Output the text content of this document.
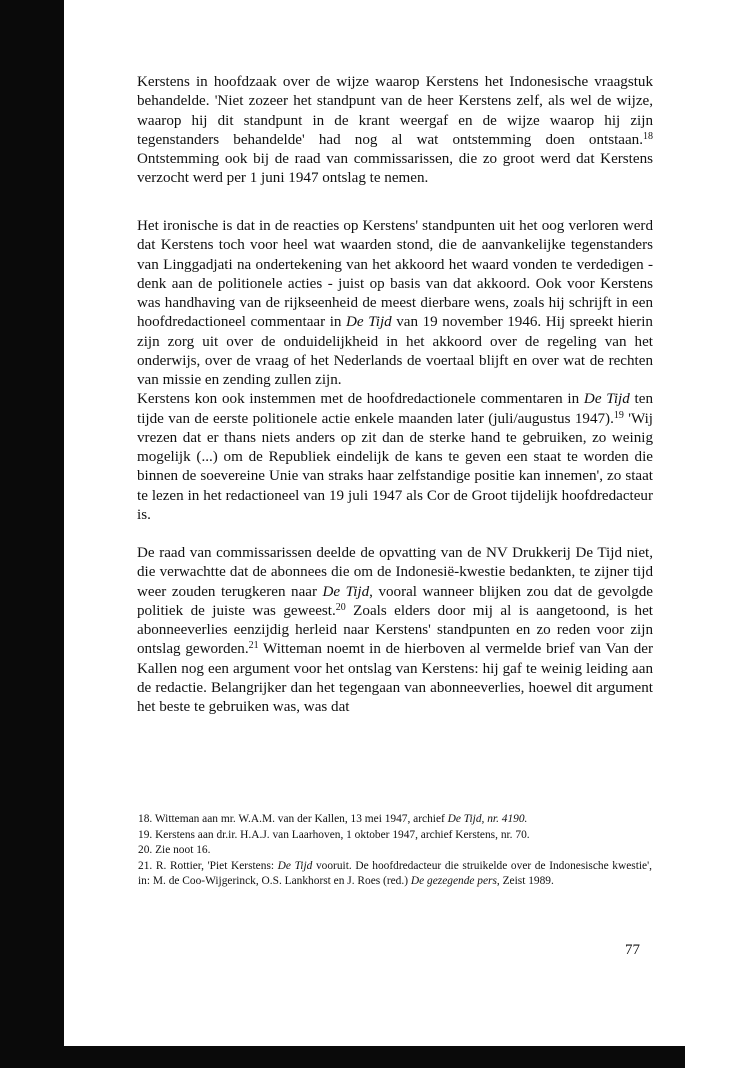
Kerstens in hoofdzaak over de wijze waarop Kerstens het Indonesische vraagstuk behandelde. 'Niet zozeer het standpunt van de heer Kerstens zelf, als wel de wijze, waarop hij dit standpunt in de krant weergaf en de wijze waarop hij zijn tegenstanders behandelde' had nog al wat ontstemming doen ontstaan.$^{18}$ Ontstemming ook bij de raad van commissarissen, die zo groot werd dat Kerstens verzocht werd per 1 juni 1947 ontslag te nemen.

Het ironische is dat in de reacties op Kerstens' standpunten uit het oog verloren werd dat Kerstens toch voor heel wat waarden stond, die de aanvankelijke tegenstanders van Linggadjati na ondertekening van het akkoord het waard vonden te verdedigen - denk aan de politionele acties - juist op basis van dat akkoord. Ook voor Kerstens was handhaving van de rijkseenheid de meest dierbare wens, zoals hij schrijft in een hoofdredactioneel commentaar in De Tijd van 19 november 1946. Hij spreekt hierin zijn zorg uit over de onduidelijkheid in het akkoord over de regeling van het onderwijs, over de vraag of het Nederlands de voertaal blijft en over wat de rechten van missie en zending zullen zijn.

Kerstens kon ook instemmen met de hoofdredactionele commentaren in De Tijd ten tijde van de eerste politionele actie enkele maanden later (juli/augustus 1947).$^{19}$ 'Wij vrezen dat er thans niets anders op zit dan de sterke hand te gebruiken, zo weinig mogelijk (...) om de Republiek eindelijk de kans te geven een staat te worden die binnen de soevereine Unie van straks haar zelfstandige positie kan innemen', zo staat te lezen in het redactioneel van 19 juli 1947 als Cor de Groot tijdelijk hoofdredacteur is.

De raad van commissarissen deelde de opvatting van de NV Drukkerij De Tijd niet, die verwachtte dat de abonnees die om de Indonesië-kwestie bedankten, te zijner tijd weer zouden terugkeren naar De Tijd, vooral wanneer blijken zou dat de gevolgde politiek de juiste was geweest.$^{20}$ Zoals elders door mij al is aangetoond, is het abonneeverlies eenzijdig herleid naar Kerstens' standpunten en zo reden voor zijn ontslag geworden.$^{21}$ Witteman noemt in de hierboven al vermelde brief van Van der Kallen nog een argument voor het ontslag van Kerstens: hij gaf te weinig leiding aan de redactie. Belangrijker dan het tegengaan van abonneeverlies, hoewel dit argument het beste te gebruiken was, was dat

18. Witteman aan mr. W.A.M. van der Kallen, 13 mei 1947, archief De Tijd, nr. 4190.

19. Kerstens aan dr.ir. H.A.J. van Laarhoven, 1 oktober 1947, archief Kerstens, nr. 70.

20. Zie noot 16.

21. R. Rottier, 'Piet Kerstens: De Tijd vooruit. De hoofdredacteur die struikelde over de Indonesische kwestie', in: M. de Coo-Wijgerinck, O.S. Lankhorst en J. Roes (red.) De gezegende pers, Zeist 1989.

77
